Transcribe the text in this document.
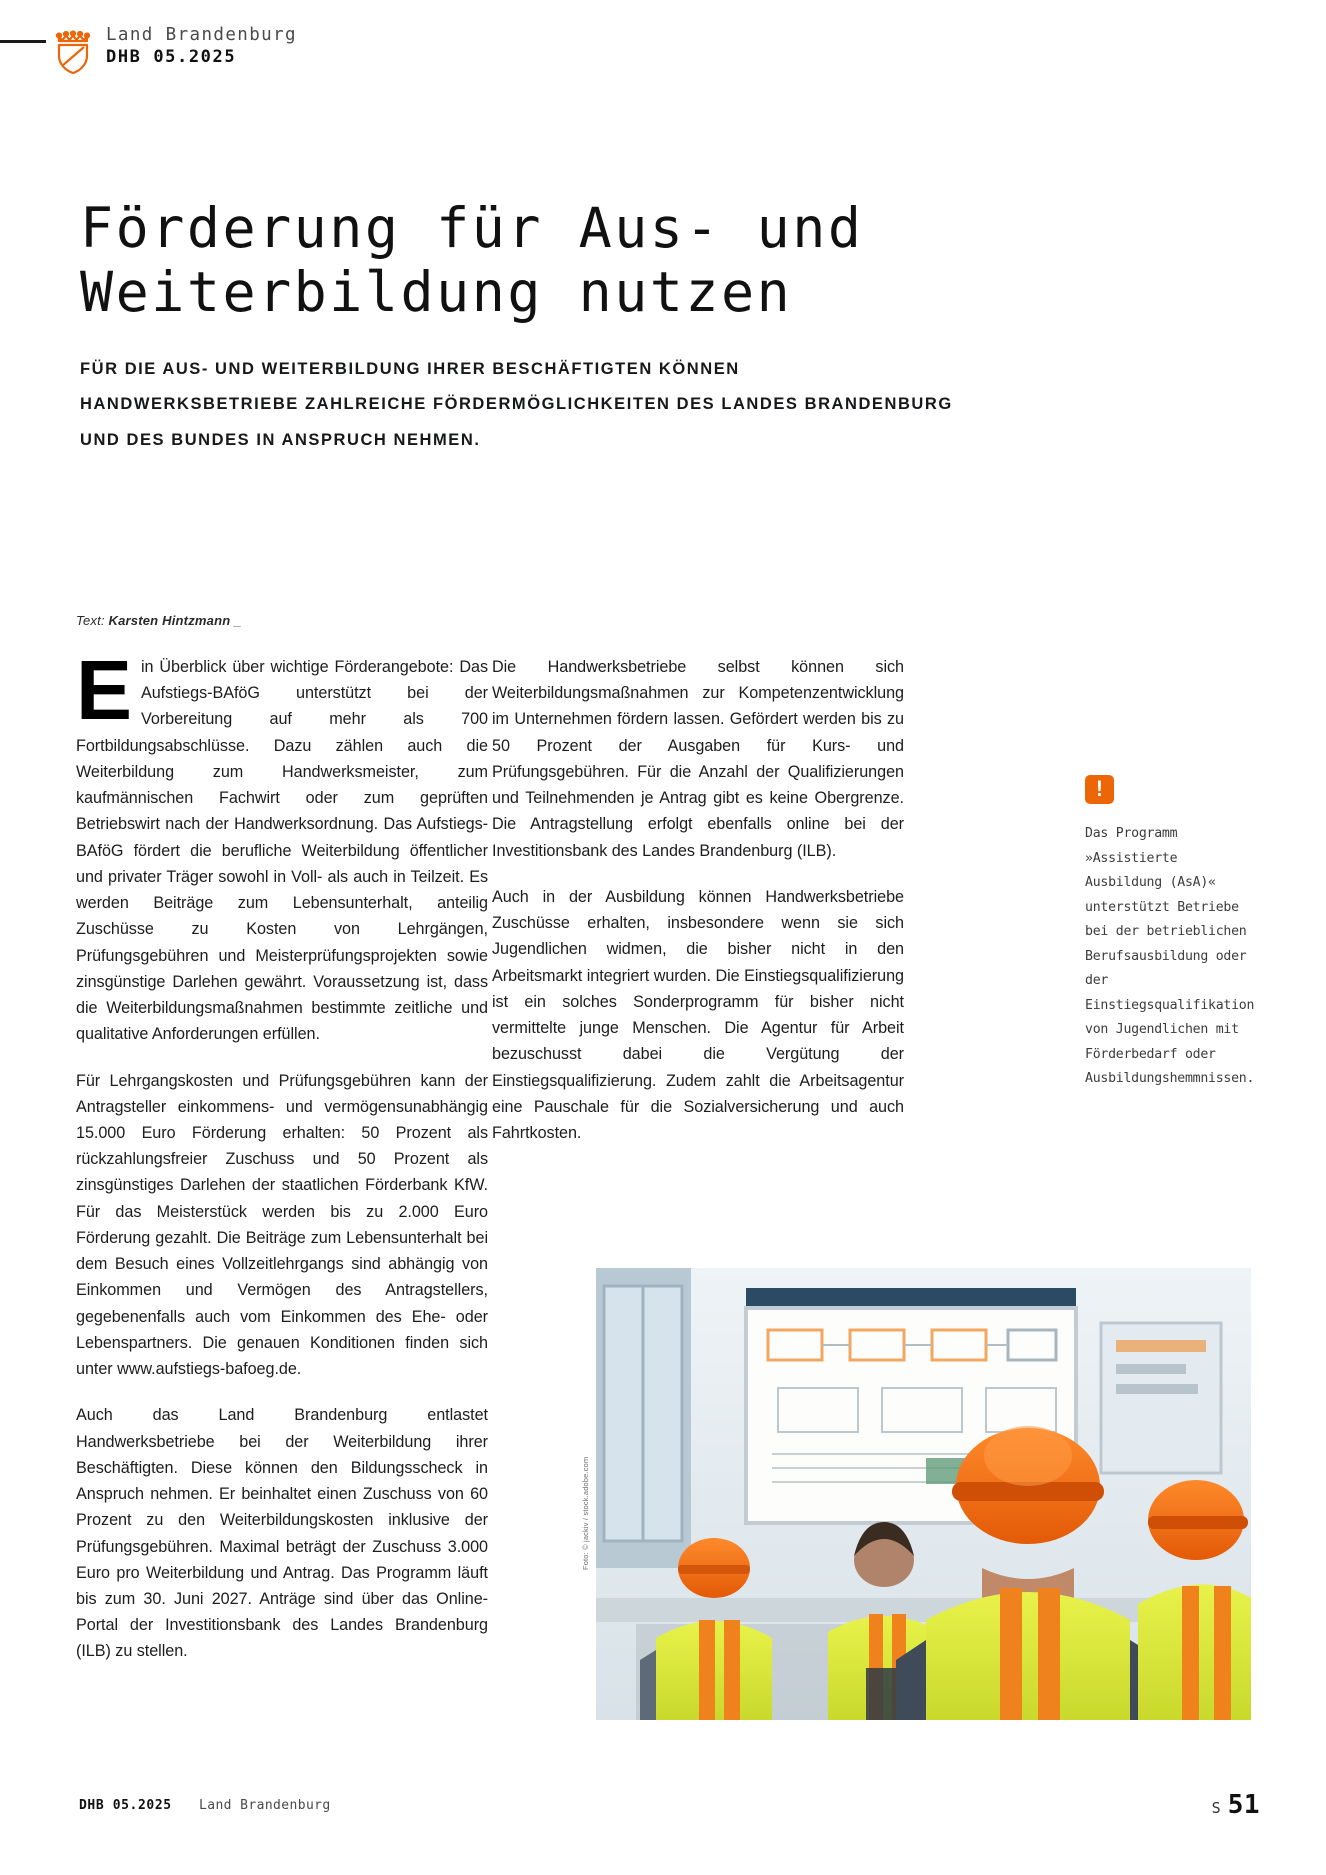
Land Brandenburg
DHB 05.2025
Förderung für Aus- und
Weiterbildung nutzen
FÜR DIE AUS- UND WEITERBILDUNG IHRER BESCHÄFTIGTEN KÖNNEN
HANDWERKSBETRIEBE ZAHLREICHE FÖRDERMÖGLICHKEITEN DES LANDES BRANDENBURG
UND DES BUNDES IN ANSPRUCH NEHMEN.
Text: Karsten Hintzmann _

Ein Überblick über wichtige Förderangebote: Das Aufstiegs-BAföG unterstützt bei der Vorbereitung auf mehr als 700 Fortbildungsabschlüsse. Dazu zählen auch die Weiterbildung zum Handwerksmeister, zum kaufmännischen Fachwirt oder zum geprüften Betriebswirt nach der Handwerksordnung. Das Aufstiegs-BAföG fördert die berufliche Weiterbildung öffentlicher und privater Träger sowohl in Voll- als auch in Teilzeit. Es werden Beiträge zum Lebensunterhalt, anteilig Zuschüsse zu Kosten von Lehrgängen, Prüfungsgebühren und Meisterprüfungsprojekten sowie zinsgünstige Darlehen gewährt. Voraussetzung ist, dass die Weiterbildungsmaßnahmen bestimmte zeitliche und qualitative Anforderungen erfüllen.

Für Lehrgangskosten und Prüfungsgebühren kann der Antragsteller einkommens- und vermögensunabhängig 15.000 Euro Förderung erhalten: 50 Prozent als rückzahlungsfreier Zuschuss und 50 Prozent als zinsgünstiges Darlehen der staatlichen Förderbank KfW. Für das Meisterstück werden bis zu 2.000 Euro Förderung gezahlt. Die Beiträge zum Lebensunterhalt bei dem Besuch eines Vollzeitlehrgangs sind abhängig von Einkommen und Vermögen des Antragstellers, gegebenenfalls auch vom Einkommen des Ehe- oder Lebenspartners. Die genauen Konditionen finden sich unter www.aufstiegs-bafoeg.de.

Auch das Land Brandenburg entlastet Handwerksbetriebe bei der Weiterbildung ihrer Beschäftigten. Diese können den Bildungsscheck in Anspruch nehmen. Er beinhaltet einen Zuschuss von 60 Prozent zu den Weiterbildungskosten inklusive der Prüfungsgebühren. Maximal beträgt der Zuschuss 3.000 Euro pro Weiterbildung und Antrag. Das Programm läuft bis zum 30. Juni 2027. Anträge sind über das Online-Portal der Investitionsbank des Landes Brandenburg (ILB) zu stellen.

Die Handwerksbetriebe selbst können sich Weiterbildungsmaßnahmen zur Kompetenzentwicklung im Unternehmen fördern lassen. Gefördert werden bis zu 50 Prozent der Ausgaben für Kurs- und Prüfungsgebühren. Für die Anzahl der Qualifizierungen und Teilnehmenden je Antrag gibt es keine Obergrenze. Die Antragstellung erfolgt ebenfalls online bei der Investitionsbank des Landes Brandenburg (ILB).

Auch in der Ausbildung können Handwerksbetriebe Zuschüsse erhalten, insbesondere wenn sie sich Jugendlichen widmen, die bisher nicht in den Arbeitsmarkt integriert wurden. Die Einstiegsqualifizierung ist ein solches Sonderprogramm für bisher nicht vermittelte junge Menschen. Die Agentur für Arbeit bezuschusst dabei die Vergütung der Einstiegsqualifizierung. Zudem zahlt die Arbeitsagentur eine Pauschale für die Sozialversicherung und auch Fahrtkosten.

!
Das Programm »Assistierte Ausbildung (AsA)« unterstützt Betriebe bei der betrieblichen Berufsausbildung oder der Einstiegsqualifikation von Jugendlichen mit Förderbedarf oder Ausbildungshemmnissen.
Foto: © jackiv / stock.adobe.com
DHB 05.2025 Land Brandenburg	S 51
